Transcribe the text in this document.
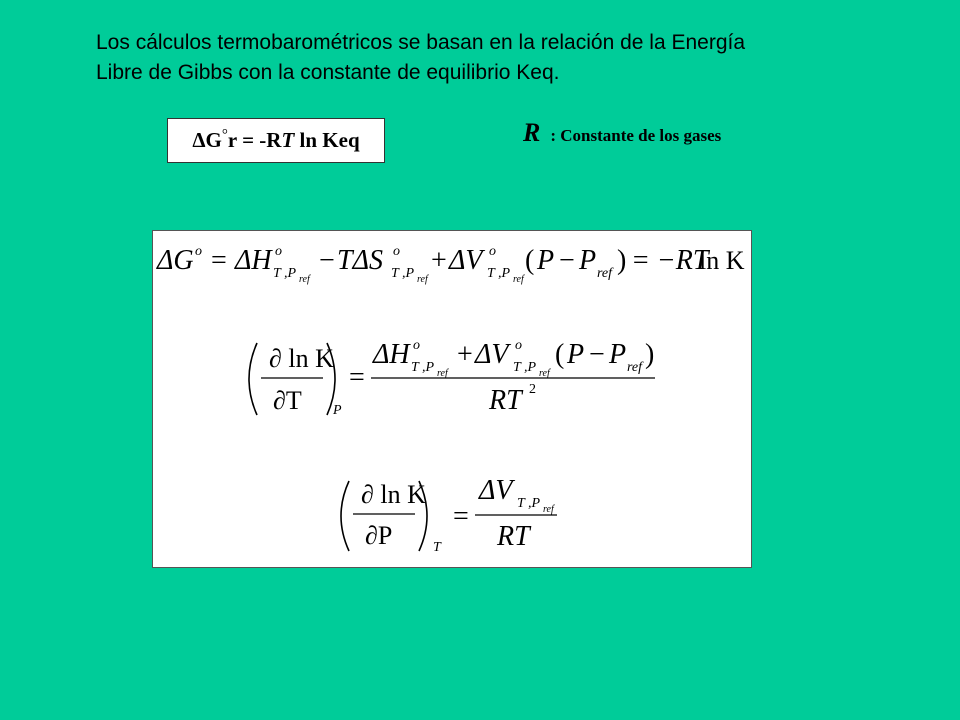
Los cálculos termobarométricos se basan en la relación de la Energía
Libre de Gibbs con la constante de equilibrio Keq.
Δ G ° r = -R T ln Keq	R : Constante de los gases
ΔG o = ΔH o
T ,P ref
− TΔS o
T ,P ref
+ ΔV o
T ,P ref
( P − P ref ) = −RT
ln K
∂ ln K
∂T P
=
ΔH o
T ,P ref
+ ΔV o
T ,P ref
( P − P ref )
RT 2
∂ ln K
∂P	T
=
ΔV T ,P ref
RT
